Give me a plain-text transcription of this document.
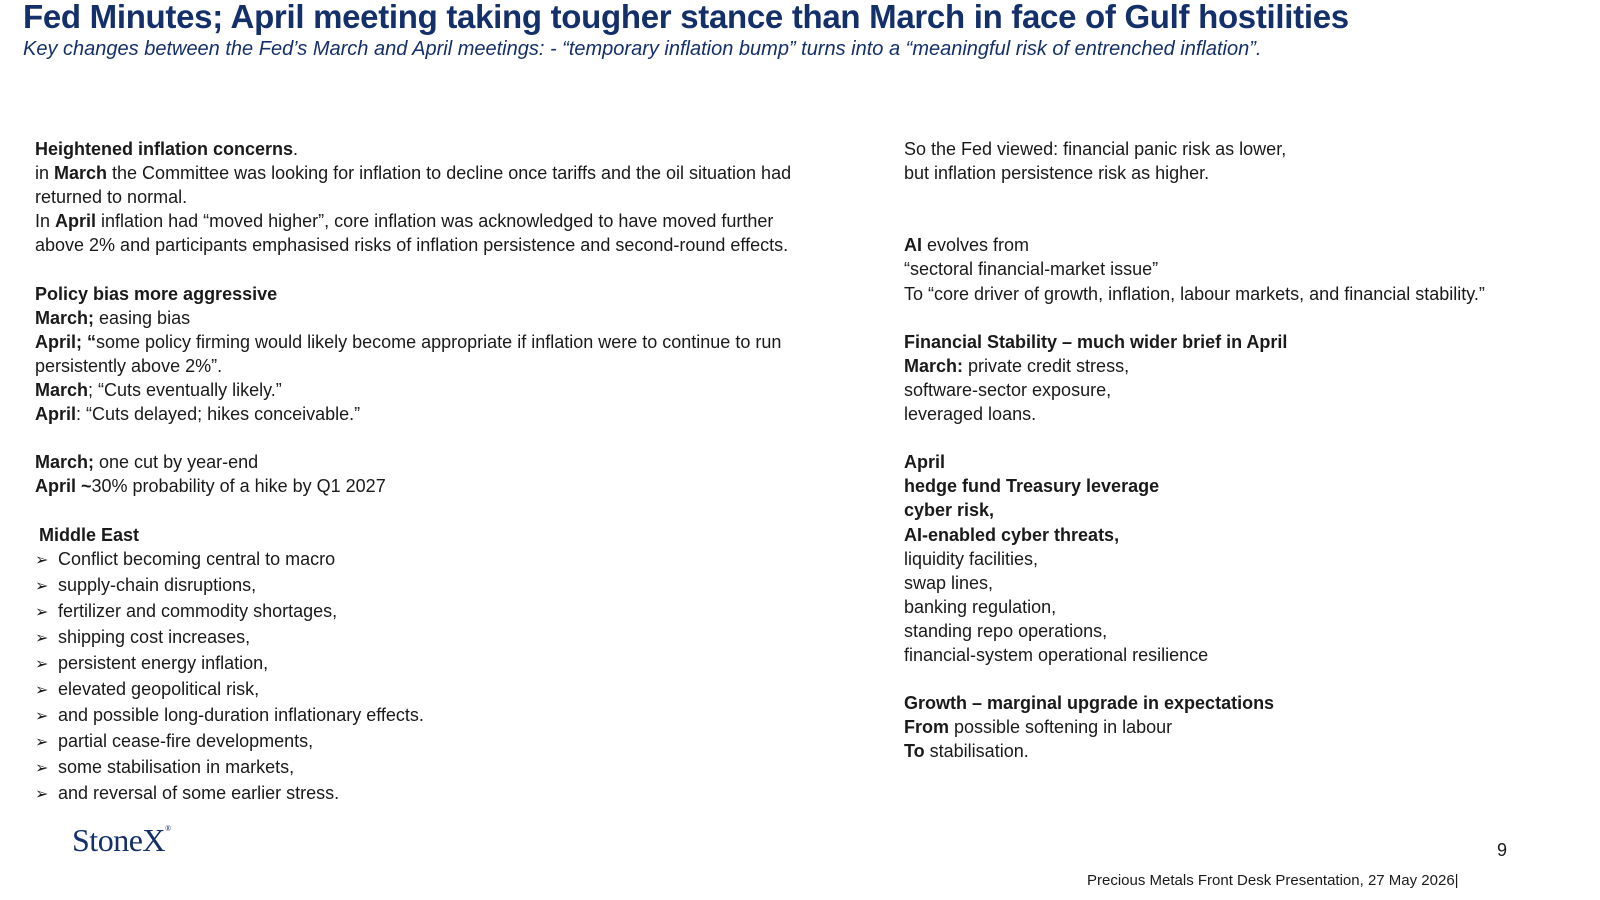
Fed Minutes; April meeting taking tougher stance than March in face of Gulf hostilities

Key changes between the Fed’s March and April meetings: - “temporary inflation bump” turns into a “meaningful risk of entrenched inflation”.

Heightened inflation concerns.
in March the Committee was looking for inflation to decline once tariffs and the oil situation had
returned to normal.
In April inflation had “moved higher”, core inflation was acknowledged to have moved further
above 2% and participants emphasised risks of inflation persistence and second-round effects.
Policy bias more aggressive
March; easing bias
April; “some policy firming would likely become appropriate if inflation were to continue to run
persistently above 2%”.
March; “Cuts eventually likely.”
April: “Cuts delayed; hikes conceivable.”
March; one cut by year-end
April ~30% probability of a hike by Q1 2027
Middle East
➢ Conflict becoming central to macro
➢ supply-chain disruptions,
➢ fertilizer and commodity shortages,
➢ shipping cost increases,
➢ persistent energy inflation,
➢ elevated geopolitical risk,
➢ and possible long-duration inflationary effects.
➢ partial cease-fire developments,
➢ some stabilisation in markets,
➢ and reversal of some earlier stress.
So the Fed viewed: financial panic risk as lower,
but inflation persistence risk as higher.
AI evolves from
“sectoral financial-market issue”
To “core driver of growth, inflation, labour markets, and financial stability.”
Financial Stability – much wider brief in April
March: private credit stress,
software-sector exposure,
leveraged loans.
April
hedge fund Treasury leverage
cyber risk,
AI-enabled cyber threats,
liquidity facilities,
swap lines,
banking regulation,
standing repo operations,
financial-system operational resilience
Growth – marginal upgrade in expectations
From possible softening in labour
To stabilisation.
StoneX®
9
Precious Metals Front Desk Presentation, 27 May 2026|
